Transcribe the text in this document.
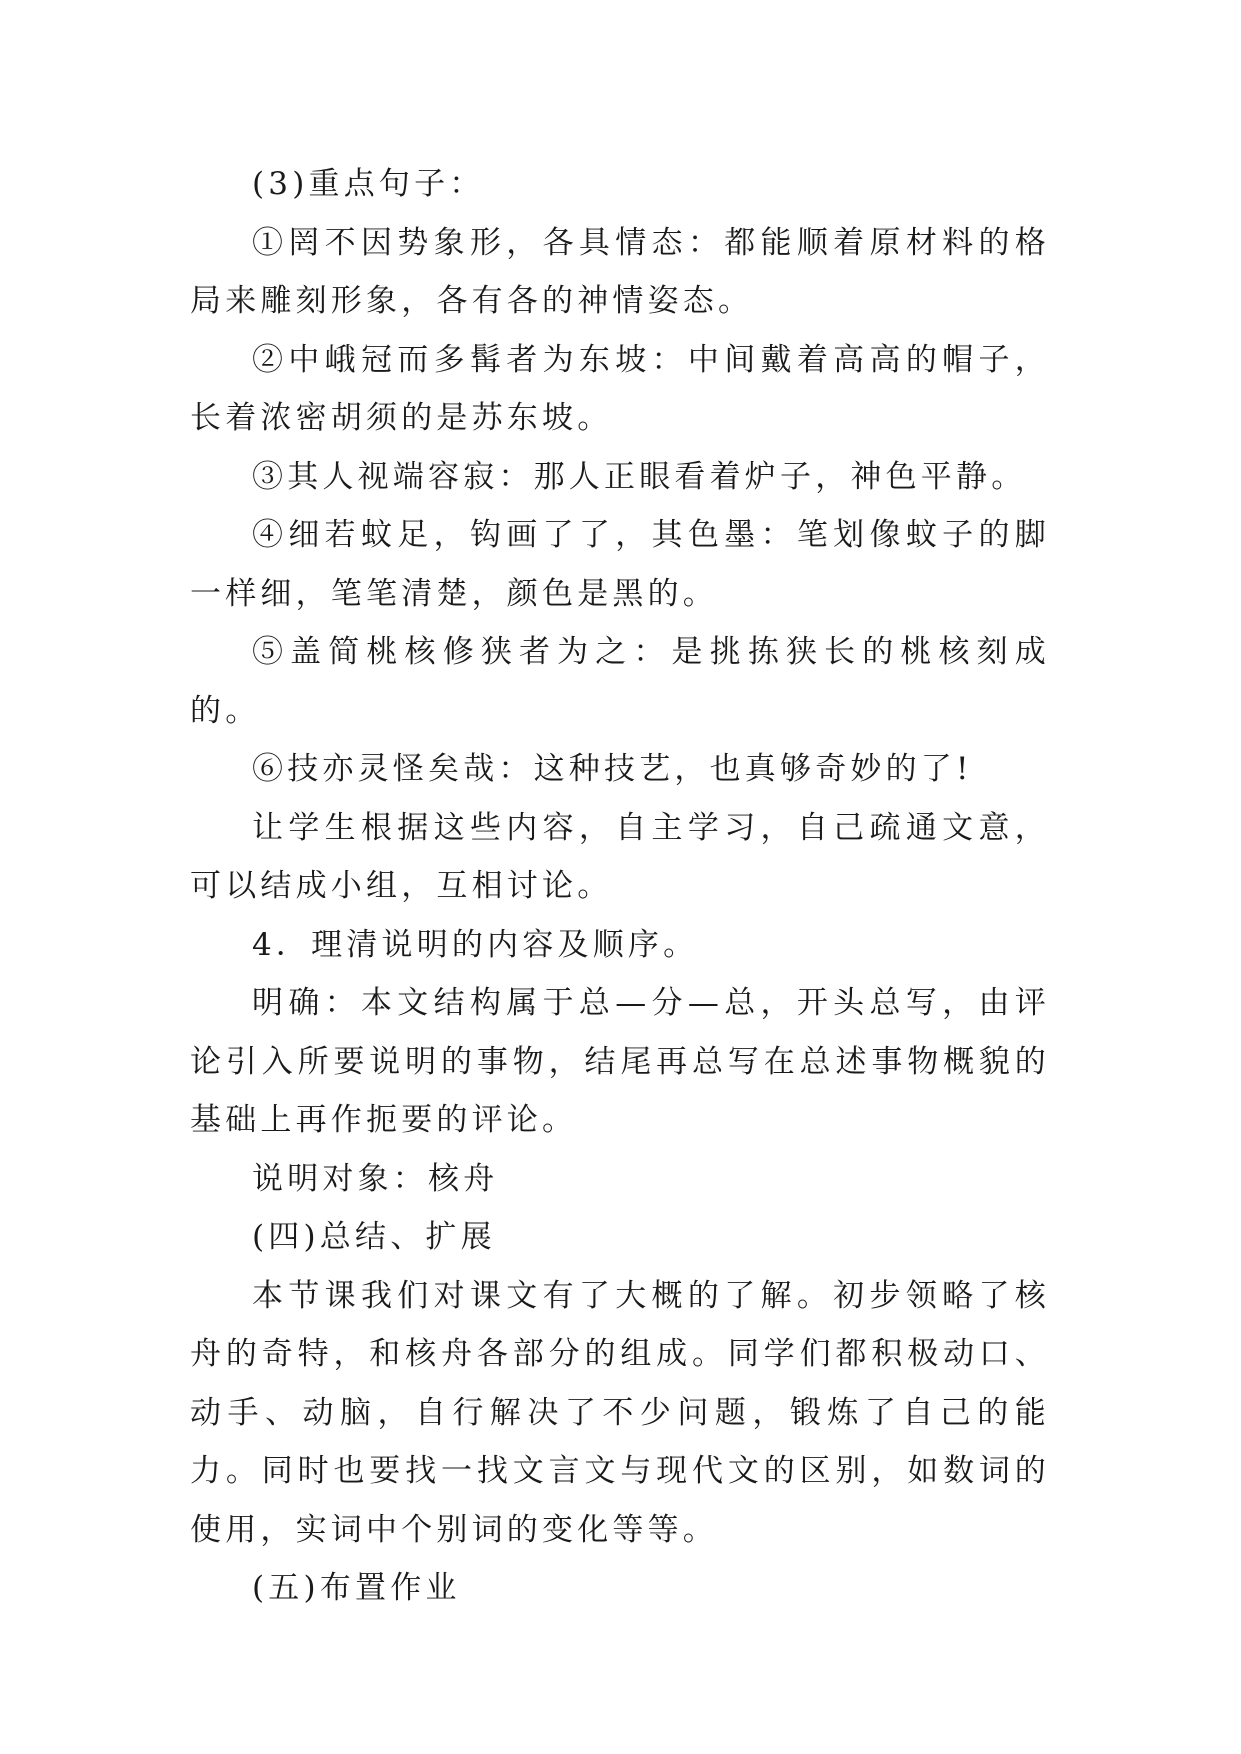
(3)重点句子：

①罔不因势象形，各具情态：都能顺着原材料的格局来雕刻形象，各有各的神情姿态。

②中峨冠而多髯者为东坡：中间戴着高高的帽子，长着浓密胡须的是苏东坡。

③其人视端容寂：那人正眼看着炉子，神色平静。

④细若蚊足，钩画了了，其色墨：笔划像蚊子的脚一样细，笔笔清楚，颜色是黑的。

⑤盖简桃核修狭者为之：是挑拣狭长的桃核刻成的。

⑥技亦灵怪矣哉：这种技艺，也真够奇妙的了!

让学生根据这些内容，自主学习，自己疏通文意，可以结成小组，互相讨论。

4．理清说明的内容及顺序。

明确：本文结构属于总—分—总，开头总写，由评论引入所要说明的事物，结尾再总写在总述事物概貌的基础上再作扼要的评论。

说明对象：核舟

(四)总结、扩展

本节课我们对课文有了大概的了解。初步领略了核舟的奇特，和核舟各部分的组成。同学们都积极动口、动手、动脑，自行解决了不少问题，锻炼了自己的能力。同时也要找一找文言文与现代文的区别，如数词的使用，实词中个别词的变化等等。

(五)布置作业
